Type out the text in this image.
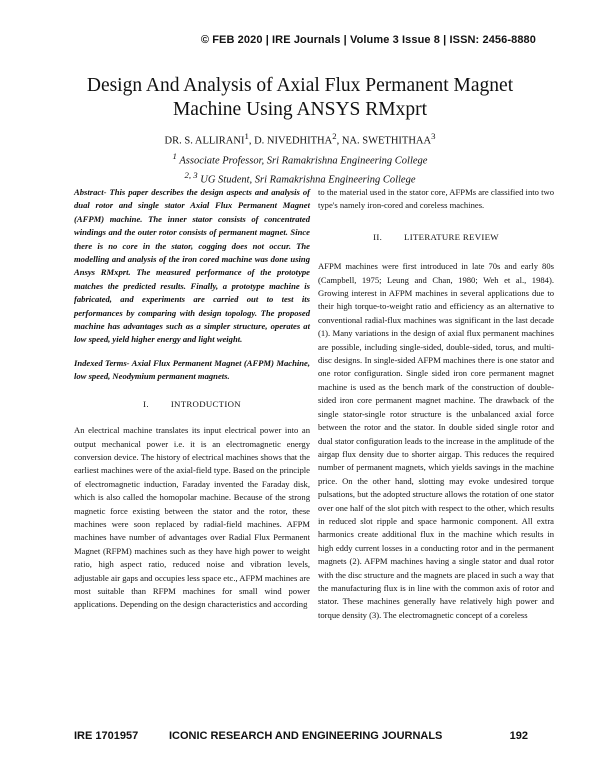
© FEB 2020 | IRE Journals | Volume 3 Issue 8 | ISSN: 2456-8880
Design And Analysis of Axial Flux Permanent Magnet
Machine Using ANSYS RMxprt
DR. S. ALLIRANI$^1$, D. NIVEDHITHA$^2$, NA. SWETHITHAA$^3$
$^1$ Associate Professor, Sri Ramakrishna Engineering College
$^{2, 3}$ UG Student, Sri Ramakrishna Engineering College

Abstract- This paper describes the design aspects and analysis of dual rotor and single stator Axial Flux Permanent Magnet (AFPM) machine. The inner stator consists of concentrated windings and the outer rotor consists of permanent magnet. Since there is no core in the stator, cogging does not occur. The modelling and analysis of the iron cored machine was done using Ansys RMxprt. The measured performance of the prototype matches the predicted results. Finally, a prototype machine is fabricated, and experiments are carried out to test its performances by comparing with design topology. The proposed machine has advantages such as a simpler structure, operates at low speed, yield higher energy and light weight.

Indexed Terms- Axial Flux Permanent Magnet (AFPM) Machine, low speed, Neodymium permanent magnets.

I.	INTRODUCTION

An electrical machine translates its input electrical power into an output mechanical power i.e. it is an electromagnetic energy conversion device. The history of electrical machines shows that the earliest machines were of the axial-field type. Based on the principle of electromagnetic induction, Faraday invented the Faraday disk, which is also called the homopolar machine. Because of the strong magnetic force existing between the stator and the rotor, these machines were soon replaced by radial-field machines. AFPM machines have number of advantages over Radial Flux Permanent Magnet (RFPM) machines such as they have high power to weight ratio, high aspect ratio, reduced noise and vibration levels, adjustable air gaps and occupies less space etc., AFPM machines are most suitable than RFPM machines for small wind power applications. Depending on the design characteristics and according

to the material used in the stator core, AFPMs are classified into two type's namely iron-cored and coreless machines.

II.	LITERATURE REVIEW

AFPM machines were first introduced in late 70s and early 80s (Campbell, 1975; Leung and Chan, 1980; Weh et al., 1984). Growing interest in AFPM machines in several applications due to their high torque-to-weight ratio and efficiency as an alternative to conventional radial-flux machines was significant in the last decade (1). Many variations in the design of axial flux permanent machines are possible, including single-sided, double-sided, torus, and multi-disc designs. In single-sided AFPM machines there is one stator and one rotor configuration. Single sided iron core permanent magnet machine is used as the bench mark of the construction of double-sided iron core permanent magnet machine. The drawback of the single stator-single rotor structure is the unbalanced axial force between the rotor and the stator. In double sided single rotor and dual stator configuration leads to the increase in the amplitude of the airgap flux density due to shorter airgap. This reduces the required number of permanent magnets, which yields savings in the machine price. On the other hand, slotting may evoke undesired torque pulsations, but the adopted structure allows the rotation of one stator over one half of the slot pitch with respect to the other, which results in reduced slot ripple and space harmonic component. All extra harmonics create additional flux in the machine which results in high eddy current losses in a conducting rotor and in the permanent magnets (2). AFPM machines having a single stator and dual rotor with the disc structure and the magnets are placed in such a way that the manufacturing flux is in line with the common axis of rotor and stator. These machines generally have relatively high power and torque density (3). The electromagnetic concept of a coreless

IRE 1701957	ICONIC RESEARCH AND ENGINEERING JOURNALS	192
